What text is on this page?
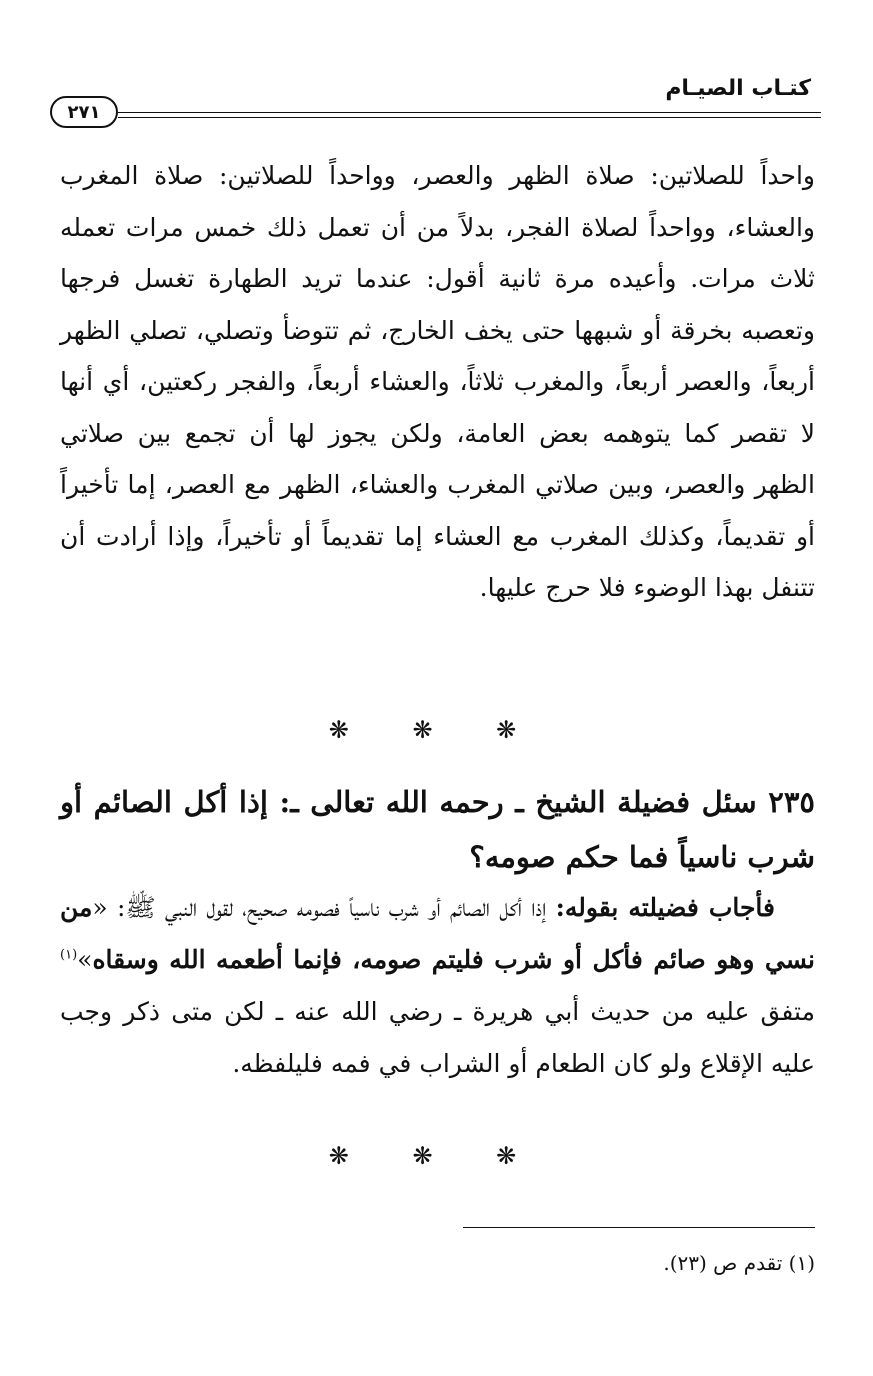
كتـاب الصيـام
٢٧١

واحداً للصلاتين: صلاة الظهر والعصر، وواحداً للصلاتين: صلاة المغرب والعشاء، وواحداً لصلاة الفجر، بدلاً من أن تعمل ذلك خمس مرات تعمله ثلاث مرات. وأعيده مرة ثانية أقول: عندما تريد الطهارة تغسل فرجها وتعصبه بخرقة أو شبهها حتى يخف الخارج، ثم تتوضأ وتصلي، تصلي الظهر أربعاً، والعصر أربعاً، والمغرب ثلاثاً، والعشاء أربعاً، والفجر ركعتين، أي أنها لا تقصر كما يتوهمه بعض العامة، ولكن يجوز لها أن تجمع بين صلاتي الظهر والعصر، وبين صلاتي المغرب والعشاء، الظهر مع العصر، إما تأخيراً أو تقديماً، وكذلك المغرب مع العشاء إما تقديماً أو تأخيراً، وإذا أرادت أن تتنفل بهذا الوضوء فلا حرج عليها.

❋ ❋ ❋

٢٣٥ سئل فضيلة الشيخ ـ رحمه الله تعالى ـ: إذا أكل الصائم أو شرب ناسياً فما حكم صومه؟

فأجاب فضيلته بقوله: إذا أكل الصائم أو شرب ناسياً فصومه صحيح، لقول النبي ﷺ: «من نسي وهو صائم فأكل أو شرب فليتم صومه، فإنما أطعمه الله وسقاه»$^{(١)}$ متفق عليه من حديث أبي هريرة ـ رضي الله عنه ـ لكن متى ذكر وجب عليه الإقلاع ولو كان الطعام أو الشراب في فمه فليلفظه.

❋ ❋ ❋
(١) تقدم ص (٢٣).
